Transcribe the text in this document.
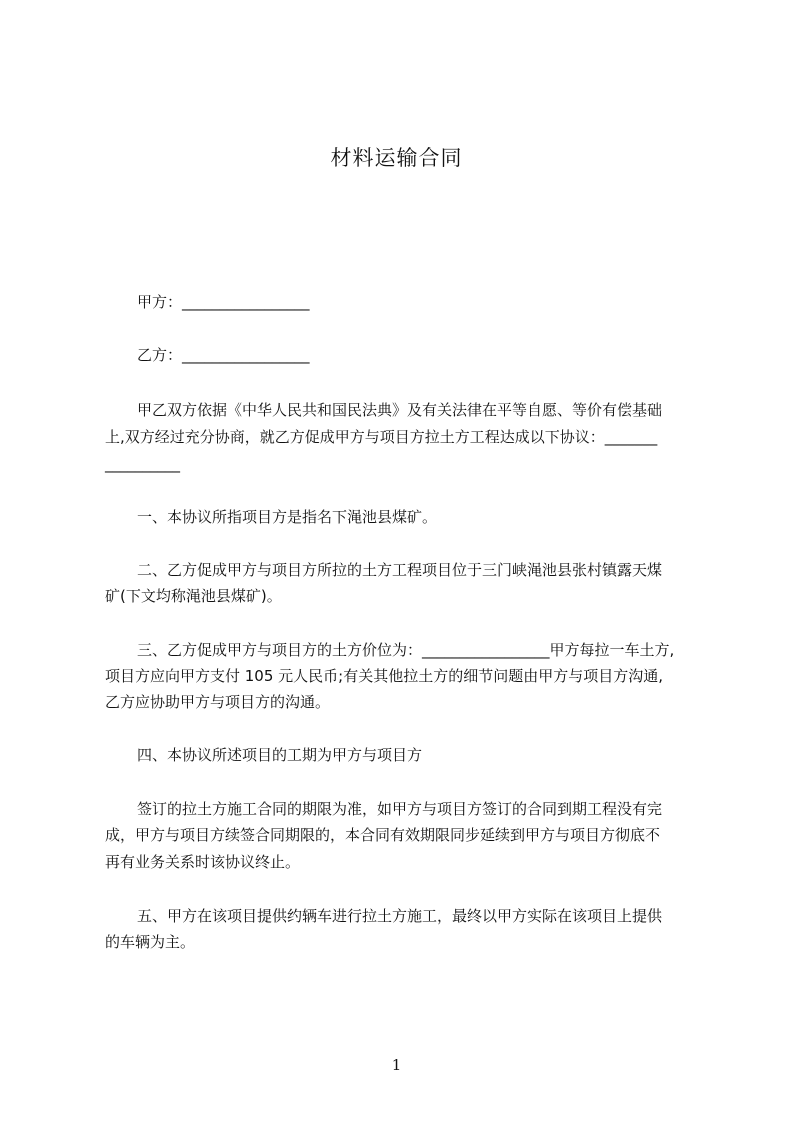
材料运输合同
甲方：_________________
乙方：_________________
甲乙双方依据《中华人民共和国民法典》及有关法律在平等自愿、等价有偿基础
上,双方经过充分协商，就乙方促成甲方与项目方拉土方工程达成以下协议：_______
__________
一、本协议所指项目方是指名下渑池县煤矿。
二、乙方促成甲方与项目方所拉的土方工程项目位于三门峡渑池县张村镇露天煤
矿(下文均称渑池县煤矿)。
三、乙方促成甲方与项目方的土方价位为：_________________甲方每拉一车土方,
项目方应向甲方支付 105 元人民币;有关其他拉土方的细节问题由甲方与项目方沟通,
乙方应协助甲方与项目方的沟通。
四、本协议所述项目的工期为甲方与项目方
签订的拉土方施工合同的期限为准，如甲方与项目方签订的合同到期工程没有完
成，甲方与项目方续签合同期限的，本合同有效期限同步延续到甲方与项目方彻底不
再有业务关系时该协议终止。
五、甲方在该项目提供约辆车进行拉土方施工，最终以甲方实际在该项目上提供
的车辆为主。
1
